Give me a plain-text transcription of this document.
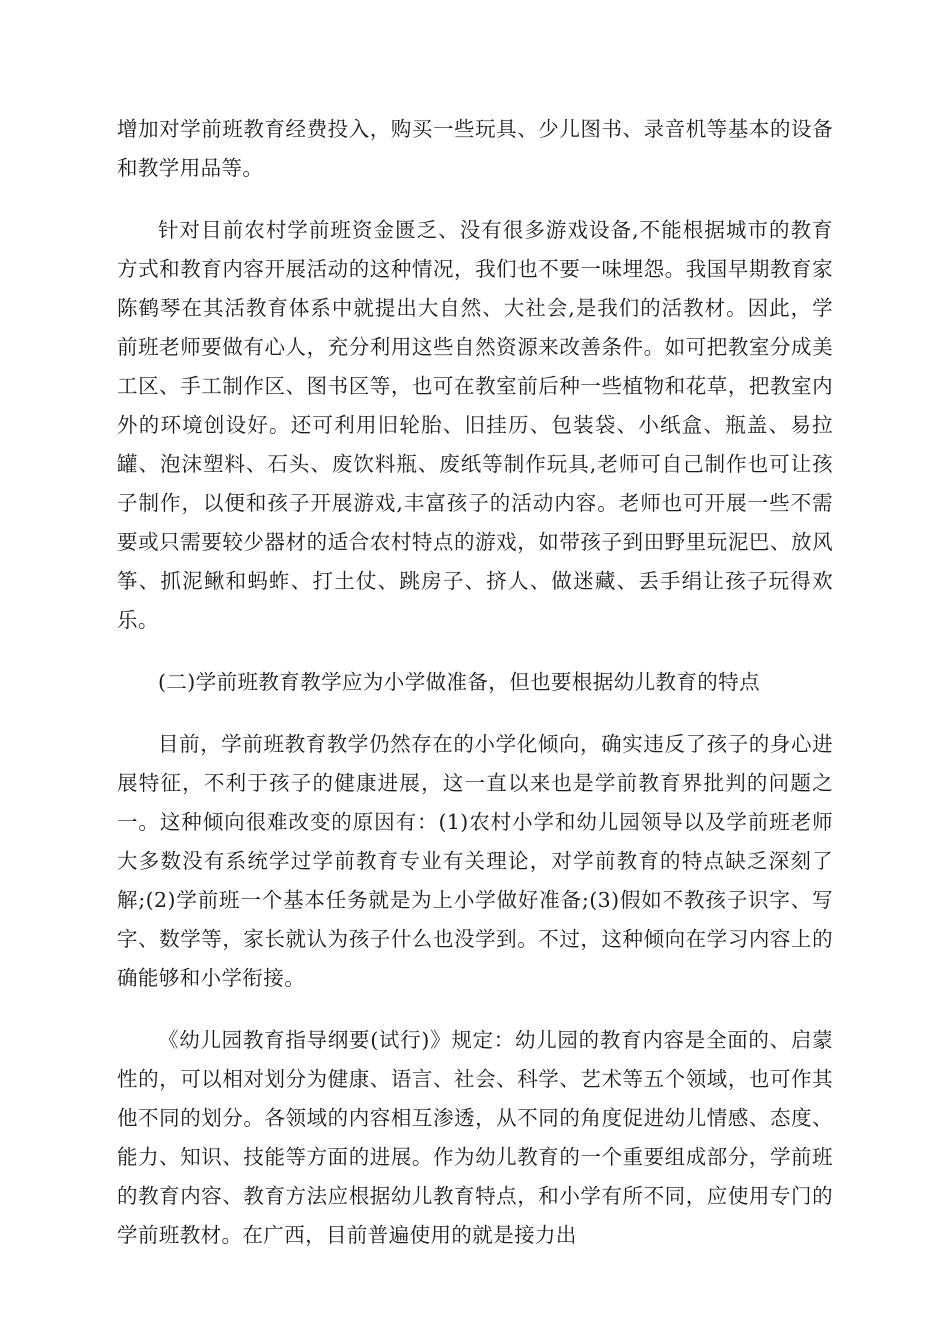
增加对学前班教育经费投入，购买一些玩具、少儿图书、录音机等基本的设备和教学用品等。

针对目前农村学前班资金匮乏、没有很多游戏设备,不能根据城市的教育方式和教育内容开展活动的这种情况，我们也不要一味埋怨。我国早期教育家陈鹤琴在其活教育体系中就提出大自然、大社会,是我们的活教材。因此，学前班老师要做有心人，充分利用这些自然资源来改善条件。如可把教室分成美工区、手工制作区、图书区等，也可在教室前后种一些植物和花草，把教室内外的环境创设好。还可利用旧轮胎、旧挂历、包装袋、小纸盒、瓶盖、易拉罐、泡沫塑料、石头、废饮料瓶、废纸等制作玩具,老师可自己制作也可让孩子制作，以便和孩子开展游戏,丰富孩子的活动内容。老师也可开展一些不需要或只需要较少器材的适合农村特点的游戏，如带孩子到田野里玩泥巴、放风筝、抓泥鳅和蚂蚱、打土仗、跳房子、挤人、做迷藏、丢手绢让孩子玩得欢乐。

(二)学前班教育教学应为小学做准备，但也要根据幼儿教育的特点

目前，学前班教育教学仍然存在的小学化倾向，确实违反了孩子的身心进展特征，不利于孩子的健康进展，这一直以来也是学前教育界批判的问题之一。这种倾向很难改变的原因有：(1)农村小学和幼儿园领导以及学前班老师大多数没有系统学过学前教育专业有关理论，对学前教育的特点缺乏深刻了解;(2)学前班一个基本任务就是为上小学做好准备;(3)假如不教孩子识字、写字、数学等，家长就认为孩子什么也没学到。不过，这种倾向在学习内容上的确能够和小学衔接。

《幼儿园教育指导纲要(试行)》规定：幼儿园的教育内容是全面的、启蒙性的，可以相对划分为健康、语言、社会、科学、艺术等五个领域，也可作其他不同的划分。各领域的内容相互渗透，从不同的角度促进幼儿情感、态度、能力、知识、技能等方面的进展。作为幼儿教育的一个重要组成部分，学前班的教育内容、教育方法应根据幼儿教育特点，和小学有所不同，应使用专门的学前班教材。在广西，目前普遍使用的就是接力出
